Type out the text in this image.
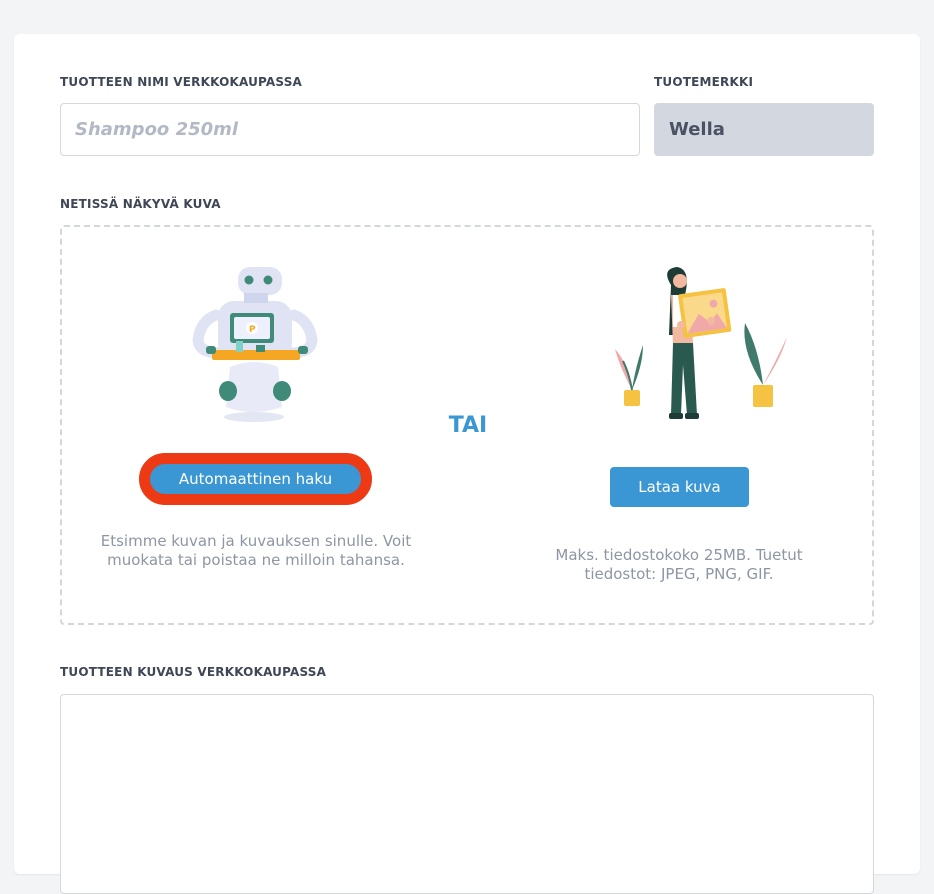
TUOTTEEN NIMI VERKKOKAUPASSA
Shampoo 250ml	TUOTEMERKKI
Wella
NETISSÄ NÄKYVÄ KUVA
P
TAI
Automaattinen haku
Etsimme kuvan ja kuvauksen sinulle. Voit muokata tai poistaa ne milloin tahansa.
Lataa kuva
Maks. tiedostokoko 25MB. Tuetut tiedostot: JPEG, PNG, GIF.
TUOTTEEN KUVAUS VERKKOKAUPASSA
